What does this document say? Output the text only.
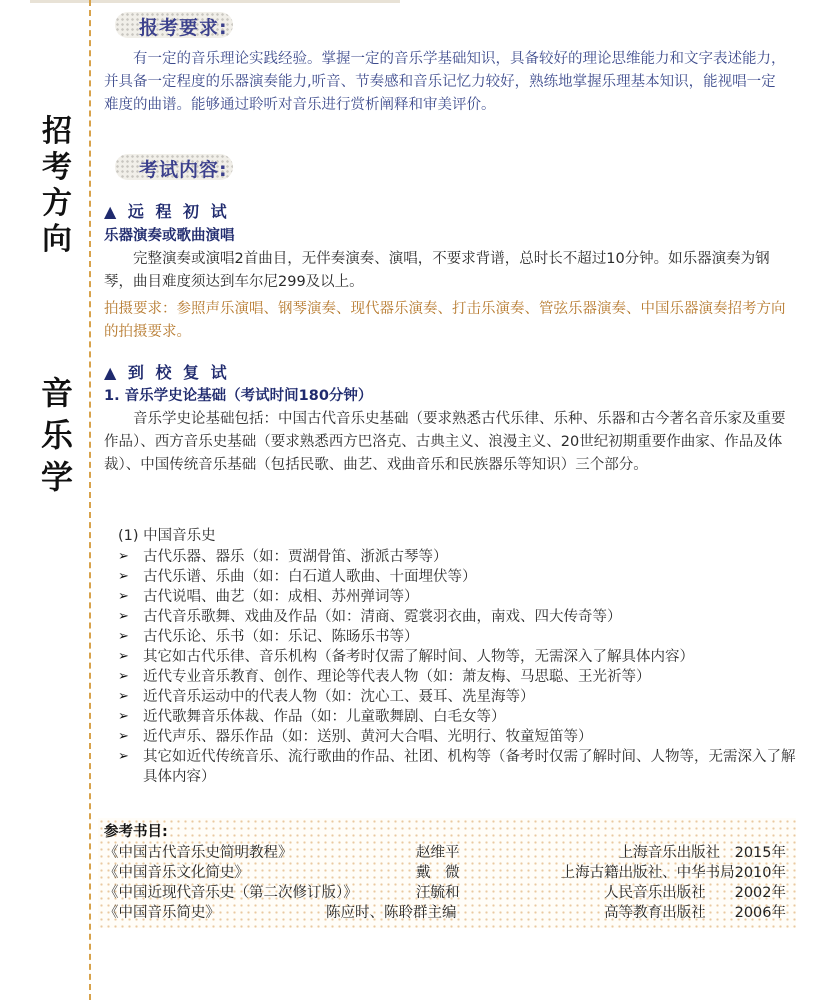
招
考
方
向
音
乐
学
报考要求:
有一定的音乐理论实践经验。掌握一定的音乐学基础知识，具备较好的理论思维能力和文字表述能力，并具备一定程度的乐器演奏能力,听音、节奏感和音乐记忆力较好，熟练地掌握乐理基本知识，能视唱一定难度的曲谱。能够通过聆听对音乐进行赏析阐释和审美评价。
考试内容:
▲ 远 程 初 试
乐器演奏或歌曲演唱
完整演奏或演唱2首曲目，无伴奏演奏、演唱，不要求背谱，总时长不超过10分钟。如乐器演奏为钢琴，曲目难度须达到车尔尼299及以上。
拍摄要求：参照声乐演唱、钢琴演奏、现代器乐演奏、打击乐演奏、管弦乐器演奏、中国乐器演奏招考方向的拍摄要求。
▲ 到 校 复 试
1. 音乐学史论基础（考试时间180分钟）
音乐学史论基础包括：中国古代音乐史基础（要求熟悉古代乐律、乐种、乐器和古今著名音乐家及重要作品）、西方音乐史基础（要求熟悉西方巴洛克、古典主义、浪漫主义、20世纪初期重要作曲家、作品及体裁）、中国传统音乐基础（包括民歌、曲艺、戏曲音乐和民族器乐等知识）三个部分。
(1) 中国音乐史
➢ 古代乐器、器乐（如：贾湖骨笛、浙派古琴等）
➢ 古代乐谱、乐曲（如：白石道人歌曲、十面埋伏等）
➢ 古代说唱、曲艺（如：成相、苏州弹词等）
➢ 古代音乐歌舞、戏曲及作品（如：清商、霓裳羽衣曲，南戏、四大传奇等）
➢ 古代乐论、乐书（如：乐记、陈旸乐书等）
➢ 其它如古代乐律、音乐机构（备考时仅需了解时间、人物等，无需深入了解具体内容）
➢ 近代专业音乐教育、创作、理论等代表人物（如：萧友梅、马思聪、王光祈等）
➢ 近代音乐运动中的代表人物（如：沈心工、聂耳、冼星海等）
➢ 近代歌舞音乐体裁、作品（如：儿童歌舞剧、白毛女等）
➢ 近代声乐、器乐作品（如：送别、黄河大合唱、光明行、牧童短笛等）
➢ 其它如近代传统音乐、流行歌曲的作品、社团、机构等（备考时仅需了解时间、人物等，无需深入了解具体内容）
参考书目:
《中国古代音乐史简明教程》	赵维平	上海音乐出版社　2015年
《中国音乐文化简史》	戴　微	上海古籍出版社、中华书局2010年
《中国近现代音乐史（第二次修订版）》	汪毓和	人民音乐出版社　　2002年
《中国音乐简史》	陈应时、陈聆群主编	高等教育出版社　　2006年
